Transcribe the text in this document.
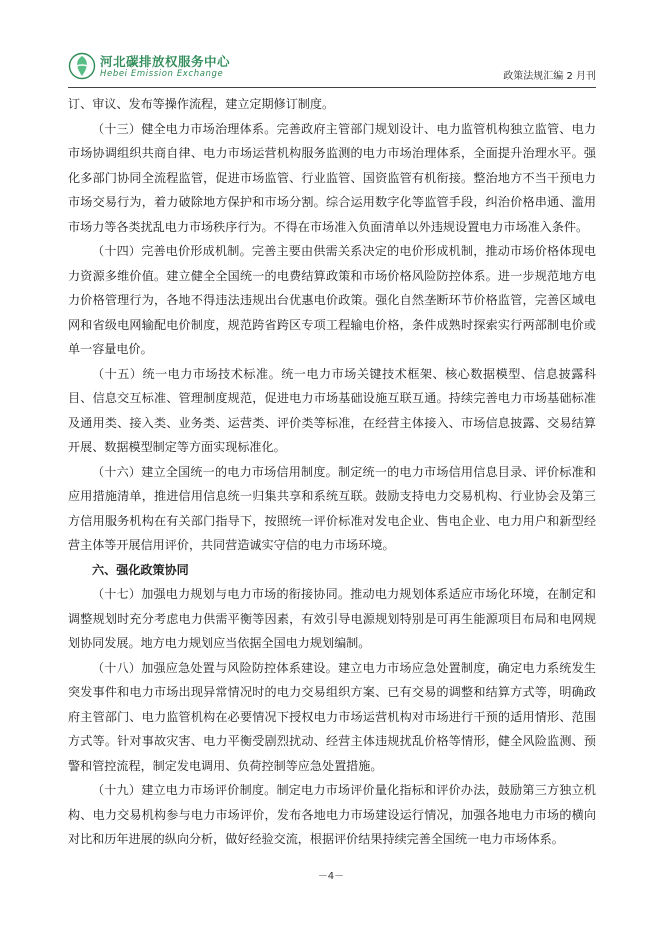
河北碳排放权服务中心
Hebei Emission Exchange	政策法规汇编 2 月刊

订、审议、发布等操作流程，建立定期修订制度。

（十三）健全电力市场治理体系。完善政府主管部门规划设计、电力监管机构独立监管、电力市场协调组织共商自律、电力市场运营机构服务监测的电力市场治理体系，全面提升治理水平。强化多部门协同全流程监管，促进市场监管、行业监管、国资监管有机衔接。整治地方不当干预电力市场交易行为，着力破除地方保护和市场分割。综合运用数字化等监管手段，纠治价格串通、滥用市场力等各类扰乱电力市场秩序行为。不得在市场准入负面清单以外违规设置电力市场准入条件。

（十四）完善电价形成机制。完善主要由供需关系决定的电价形成机制，推动市场价格体现电力资源多维价值。建立健全全国统一的电费结算政策和市场价格风险防控体系。进一步规范地方电力价格管理行为，各地不得违法违规出台优惠电价政策。强化自然垄断环节价格监管，完善区域电网和省级电网输配电价制度，规范跨省跨区专项工程输电价格，条件成熟时探索实行两部制电价或单一容量电价。

（十五）统一电力市场技术标准。统一电力市场关键技术框架、核心数据模型、信息披露科目、信息交互标准、管理制度规范，促进电力市场基础设施互联互通。持续完善电力市场基础标准及通用类、接入类、业务类、运营类、评价类等标准，在经营主体接入、市场信息披露、交易结算开展、数据模型制定等方面实现标准化。

（十六）建立全国统一的电力市场信用制度。制定统一的电力市场信用信息目录、评价标准和应用措施清单，推进信用信息统一归集共享和系统互联。鼓励支持电力交易机构、行业协会及第三方信用服务机构在有关部门指导下，按照统一评价标准对发电企业、售电企业、电力用户和新型经营主体等开展信用评价，共同营造诚实守信的电力市场环境。

六、强化政策协同

（十七）加强电力规划与电力市场的衔接协同。推动电力规划体系适应市场化环境，在制定和调整规划时充分考虑电力供需平衡等因素，有效引导电源规划特别是可再生能源项目布局和电网规划协同发展。地方电力规划应当依据全国电力规划编制。

（十八）加强应急处置与风险防控体系建设。建立电力市场应急处置制度，确定电力系统发生突发事件和电力市场出现异常情况时的电力交易组织方案、已有交易的调整和结算方式等，明确政府主管部门、电力监管机构在必要情况下授权电力市场运营机构对市场进行干预的适用情形、范围方式等。针对事故灾害、电力平衡受剧烈扰动、经营主体违规扰乱价格等情形，健全风险监测、预警和管控流程，制定发电调用、负荷控制等应急处置措施。

（十九）建立电力市场评价制度。制定电力市场评价量化指标和评价办法，鼓励第三方独立机构、电力交易机构参与电力市场评价，发布各地电力市场建设运行情况，加强各地电力市场的横向对比和历年进展的纵向分析，做好经验交流，根据评价结果持续完善全国统一电力市场体系。

－4－
